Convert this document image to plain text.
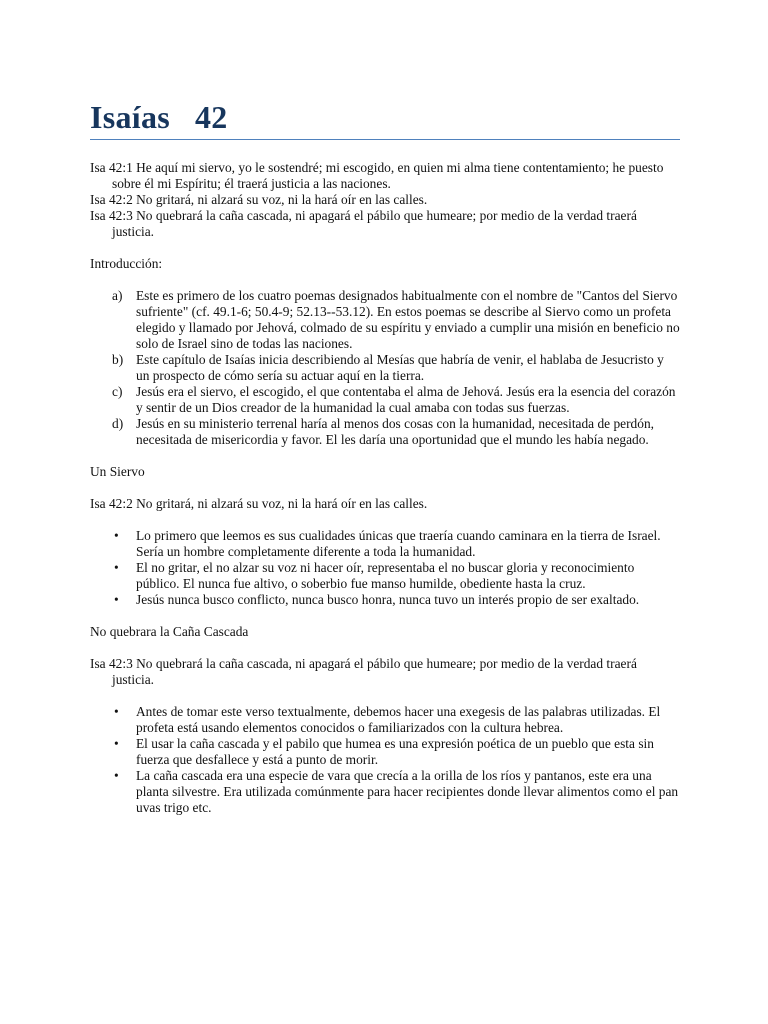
Isaías   42

Isa 42:1 He aquí mi siervo, yo le sostendré; mi escogido, en quien mi alma tiene contentamiento; he puesto sobre él mi Espíritu; él traerá justicia a las naciones.

Isa 42:2 No gritará, ni alzará su voz, ni la hará oír en las calles.

Isa 42:3 No quebrará la caña cascada, ni apagará el pábilo que humeare; por medio de la verdad traerá justicia.

Introducción:

a) Este es primero de los cuatro poemas designados habitualmente con el nombre de "Cantos del Siervo sufriente" (cf. 49.1-6; 50.4-9; 52.13--53.12). En estos poemas se describe al Siervo como un profeta elegido y llamado por Jehová, colmado de su espíritu y enviado a cumplir una misión en beneficio no solo de Israel sino de todas las naciones.
b) Este capítulo de Isaías inicia describiendo al Mesías que habría de venir, el hablaba de Jesucristo y un prospecto de cómo sería su actuar aquí en la tierra.
c) Jesús era el siervo, el escogido, el que contentaba el alma de Jehová. Jesús era la esencia del corazón y sentir de un Dios creador de la humanidad la cual amaba con todas sus fuerzas.
d) Jesús en su ministerio terrenal haría al menos dos cosas con la humanidad, necesitada de perdón, necesitada de misericordia y favor. El les daría una oportunidad que el mundo les había negado.

Un Siervo

Isa 42:2 No gritará, ni alzará su voz, ni la hará oír en las calles.

• Lo primero que leemos es sus cualidades únicas que traería cuando caminara en la tierra de Israel. Sería un hombre completamente diferente a toda la humanidad.
• El no gritar, el no alzar su voz ni hacer oír, representaba el no buscar gloria y reconocimiento público. El nunca fue altivo, o soberbio fue manso humilde, obediente hasta la cruz.
• Jesús nunca busco conflicto, nunca busco honra, nunca tuvo un interés propio de ser exaltado.

No quebrara la Caña Cascada

Isa 42:3 No quebrará la caña cascada, ni apagará el pábilo que humeare; por medio de la verdad traerá justicia.

• Antes de tomar este verso textualmente, debemos hacer una exegesis de las palabras utilizadas. El profeta está usando elementos conocidos o familiarizados con la cultura hebrea.
• El usar la caña cascada y el pabilo que humea es una expresión poética de un pueblo que esta sin fuerza que desfallece y está a punto de morir.
• La caña cascada era una especie de vara que crecía a la orilla de los ríos y pantanos, este era una planta silvestre. Era utilizada comúnmente para hacer recipientes donde llevar alimentos como el pan uvas trigo etc.
